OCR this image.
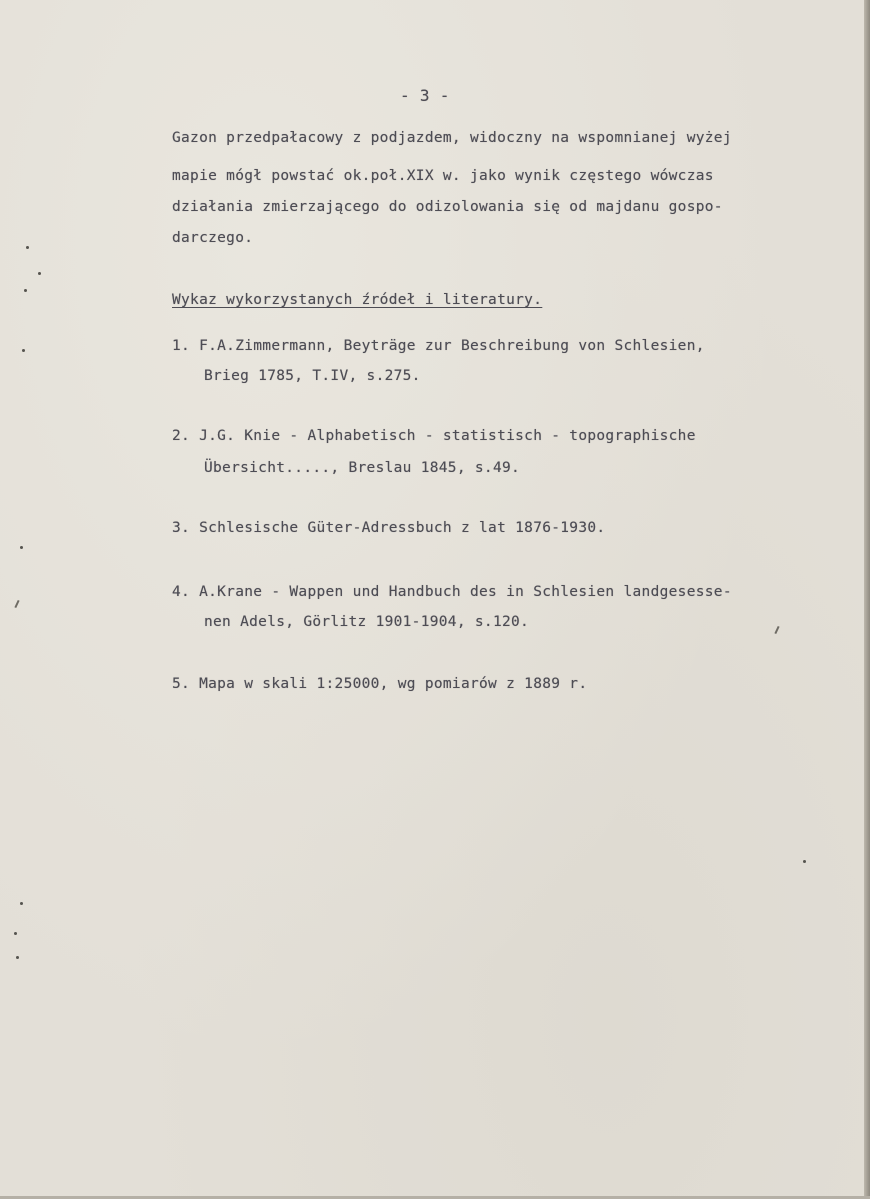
- 3 -
Gazon przedpałacowy z podjazdem, widoczny na wspomnianej wyżej
mapie mógł powstać ok.poł.XIX w. jako wynik częstego wówczas
działania zmierzającego do odizolowania się od majdanu gospo-
darczego.
Wykaz wykorzystanych źródeł i literatury.
1. F.A.Zimmermann, Beyträge zur Beschreibung von Schlesien,
Brieg 1785, T.IV, s.275.
2. J.G. Knie - Alphabetisch - statistisch - topographische
Übersicht....., Breslau 1845, s.49.
3. Schlesische Güter-Adressbuch z lat 1876-1930.
4. A.Krane - Wappen und Handbuch des in Schlesien landgesesse-
nen Adels, Görlitz 1901-1904, s.120.
5. Mapa w skali 1:25000, wg pomiarów z 1889 r.
